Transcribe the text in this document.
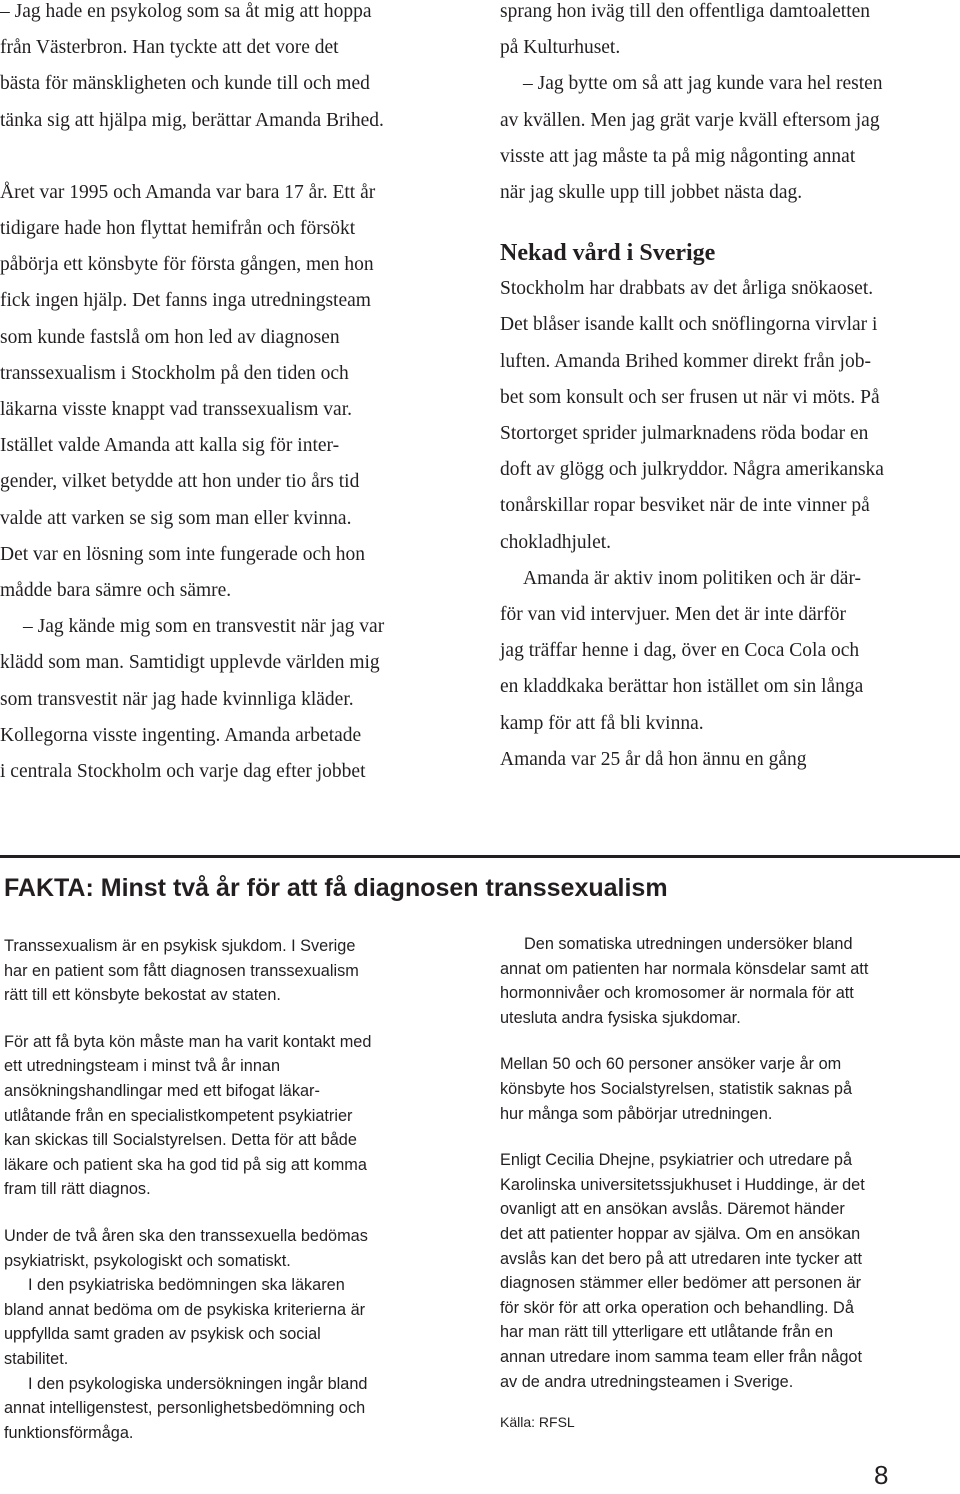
– Jag hade en psykolog som sa åt mig att hoppa

från Västerbron. Han tyckte att det vore det

bästa för mänskligheten och kunde till och med

tänka sig att hjälpa mig, berättar Amanda Brihed.

Året var 1995 och Amanda var bara 17 år. Ett år

tidigare hade hon flyttat hemifrån och försökt

påbörja ett könsbyte för första gången, men hon

fick ingen hjälp. Det fanns inga utredningsteam

som kunde fastslå om hon led av diagnosen

transsexualism i Stockholm på den tiden och

läkarna visste knappt vad transsexualism var.

Istället valde Amanda att kalla sig för inter-

gender, vilket betydde att hon under tio års tid

valde att varken se sig som man eller kvinna.

Det var en lösning som inte fungerade och hon

mådde bara sämre och sämre.

– Jag kände mig som en transvestit när jag var

klädd som man. Samtidigt upplevde världen mig

som transvestit när jag hade kvinnliga kläder.

Kollegorna visste ingenting. Amanda arbetade

i centrala Stockholm och varje dag efter jobbet

sprang hon iväg till den offentliga damtoaletten

på Kulturhuset.

– Jag bytte om så att jag kunde vara hel resten

av kvällen. Men jag grät varje kväll eftersom jag

visste att jag måste ta på mig någonting annat

när jag skulle upp till jobbet nästa dag.

Nekad vård i Sverige

Stockholm har drabbats av det årliga snökaoset.

Det blåser isande kallt och snöflingorna virvlar i

luften. Amanda Brihed kommer direkt från job-

bet som konsult och ser frusen ut när vi möts. På

Stortorget sprider julmarknadens röda bodar en

doft av glögg och julkryddor. Några amerikanska

tonårskillar ropar besviket när de inte vinner på

chokladhjulet.

Amanda är aktiv inom politiken och är där-

för van vid intervjuer. Men det är inte därför

jag träffar henne i dag, över en Coca Cola och

en kladdkaka berättar hon istället om sin långa

kamp för att få bli kvinna.

Amanda var 25 år då hon ännu en gång

FAKTA: Minst två år för att få diagnosen transsexualism

Transsexualism är en psykisk sjukdom. I Sverige

har en patient som fått diagnosen transsexualism

rätt till ett könsbyte bekostat av staten.

För att få byta kön måste man ha varit kontakt med

ett utredningsteam i minst två år innan

ansökningshandlingar med ett bifogat läkar-

utlåtande från en specialistkompetent psykiatrier

kan skickas till Socialstyrelsen. Detta för att både

läkare och patient ska ha god tid på sig att komma

fram till rätt diagnos.

Under de två åren ska den transsexuella bedömas

psykiatriskt, psykologiskt och somatiskt.

I den psykiatriska bedömningen ska läkaren

bland annat bedöma om de psykiska kriterierna är

uppfyllda samt graden av psykisk och social

stabilitet.

I den psykologiska undersökningen ingår bland

annat intelligenstest, personlighetsbedömning och

funktionsförmåga.

Den somatiska utredningen undersöker bland

annat om patienten har normala könsdelar samt att

hormonnivåer och kromosomer är normala för att

utesluta andra fysiska sjukdomar.

Mellan 50 och 60 personer ansöker varje år om

könsbyte hos Socialstyrelsen, statistik saknas på

hur många som påbörjar utredningen.

Enligt Cecilia Dhejne, psykiatrier och utredare på

Karolinska universitetssjukhuset i Huddinge, är det

ovanligt att en ansökan avslås. Däremot händer

det att patienter hoppar av själva. Om en ansökan

avslås kan det bero på att utredaren inte tycker att

diagnosen stämmer eller bedömer att personen är

för skör för att orka operation och behandling. Då

har man rätt till ytterligare ett utlåtande från en

annan utredare inom samma team eller från något

av de andra utredningsteamen i Sverige.

Källa: RFSL
8
